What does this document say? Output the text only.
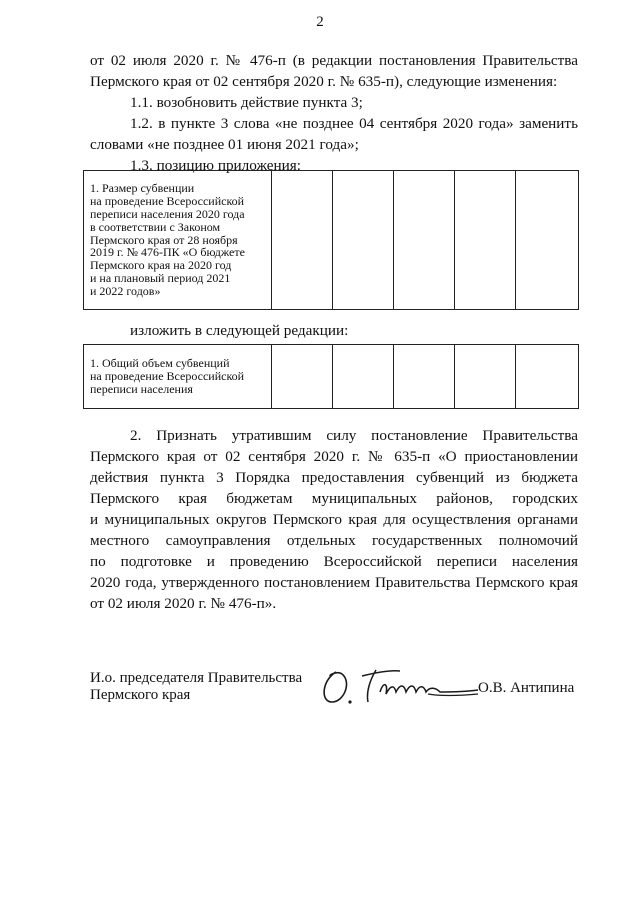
2

от 02 июля 2020 г. № 476-п (в редакции постановления Правительства

Пермского края от 02 сентября 2020 г. № 635-п), следующие изменения:

1.1. возобновить действие пункта 3;

1.2. в пункте 3 слова «не позднее 04 сентября 2020 года» заменить

словами «не позднее 01 июня 2021 года»;

1.3. позицию приложения:

1. Размер субвенции
на проведение Всероссийской
переписи населения 2020 года
в соответствии с Законом
Пермского края от 28 ноября
2019 г. № 476-ПК «О бюджете
Пермского края на 2020 год
и на плановый период 2021
и 2022 годов»					

изложить в следующей редакции:

1. Общий объем субвенций
на проведение Всероссийской
переписи населения					

2. Признать утратившим силу постановление Правительства

Пермского края от 02 сентября 2020 г. № 635-п «О приостановлении

действия пункта 3 Порядка предоставления субвенций из бюджета

Пермского края бюджетам муниципальных районов, городских

и муниципальных округов Пермского края для осуществления органами

местного самоуправления отдельных государственных полномочий

по подготовке и проведению Всероссийской переписи населения

2020 года, утвержденного постановлением Правительства Пермского края

от 02 июля 2020 г. № 476-п».

И.о. председателя Правительства
Пермского края	О.В. Антипина
